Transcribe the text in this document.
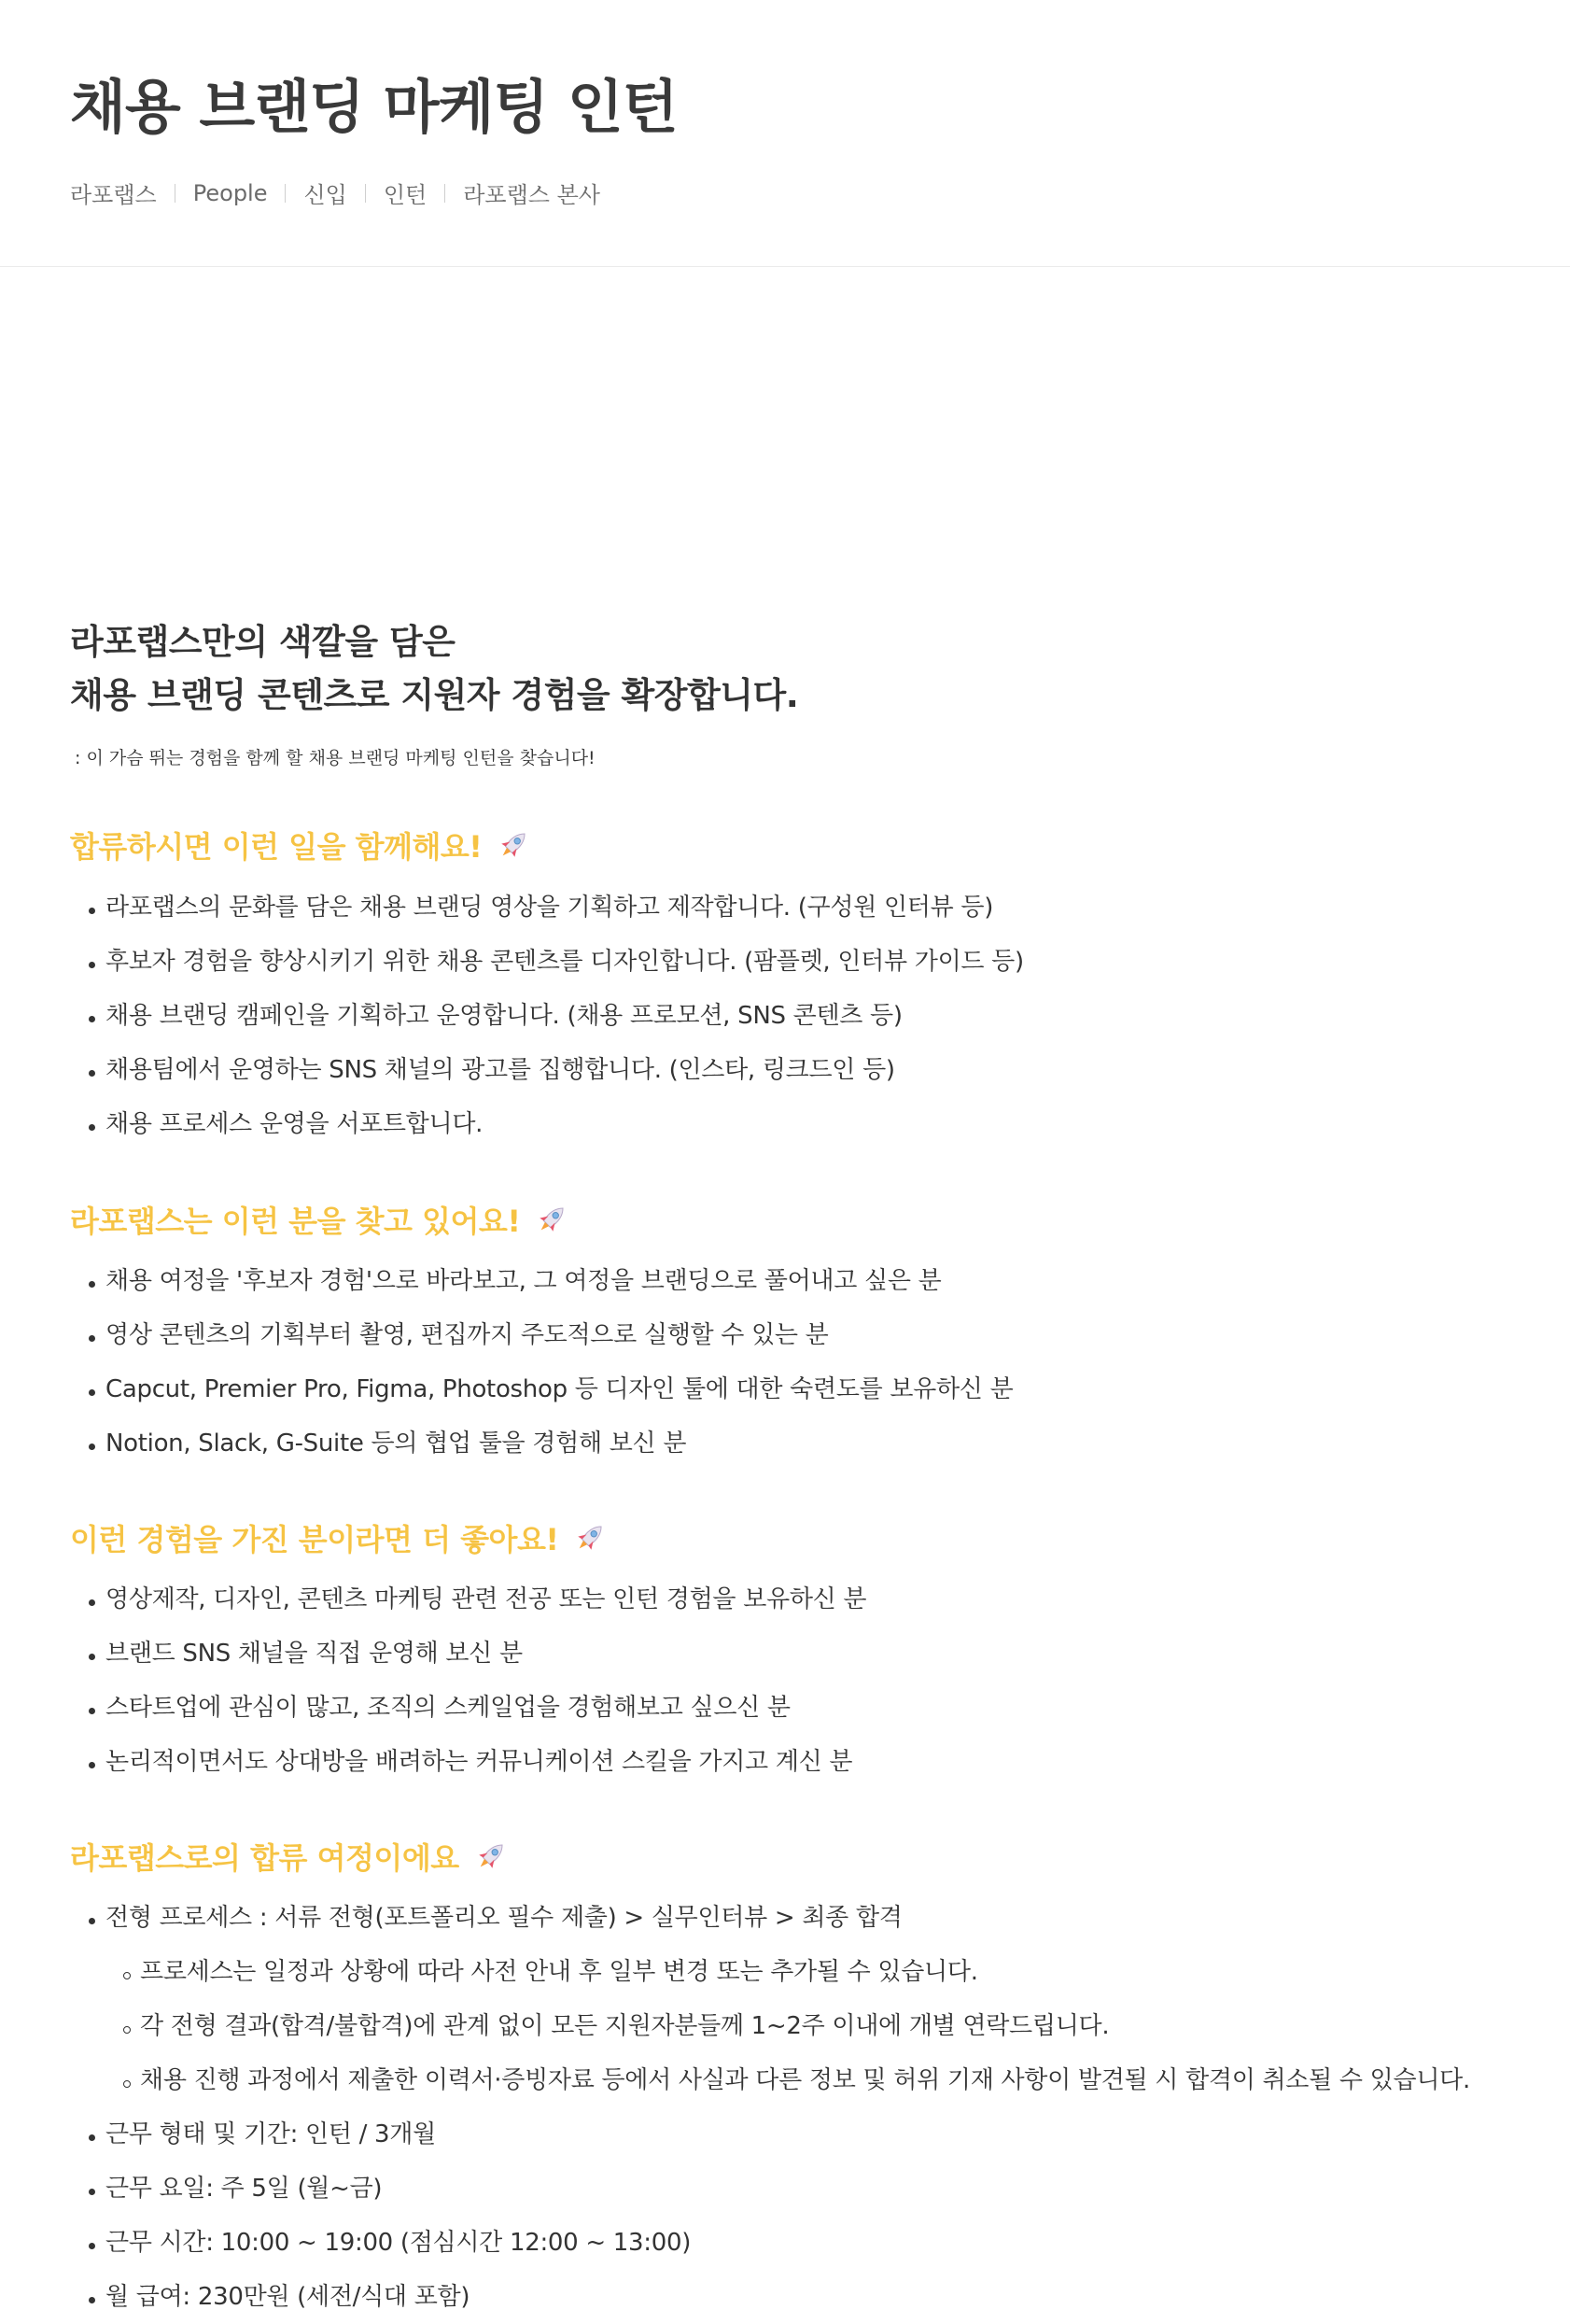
채용 브랜딩 마케팅 인턴
라포랩스 People 신입 인턴 라포랩스 본사
라포랩스만의 색깔을 담은
채용 브랜딩 콘텐츠로 지원자 경험을 확장합니다.

: 이 가슴 뛰는 경험을 함께 할 채용 브랜딩 마케팅 인턴을 찾습니다!

합류하시면 이런 일을 함께해요!
라포랩스의 문화를 담은 채용 브랜딩 영상을 기획하고 제작합니다. (구성원 인터뷰 등)
후보자 경험을 향상시키기 위한 채용 콘텐츠를 디자인합니다. (팜플렛, 인터뷰 가이드 등)
채용 브랜딩 캠페인을 기획하고 운영합니다. (채용 프로모션, SNS 콘텐츠 등)
채용팀에서 운영하는 SNS 채널의 광고를 집행합니다. (인스타, 링크드인 등)
채용 프로세스 운영을 서포트합니다.
라포랩스는 이런 분을 찾고 있어요!
채용 여정을 '후보자 경험'으로 바라보고, 그 여정을 브랜딩으로 풀어내고 싶은 분
영상 콘텐츠의 기획부터 촬영, 편집까지 주도적으로 실행할 수 있는 분
Capcut, Premier Pro, Figma, Photoshop 등 디자인 툴에 대한 숙련도를 보유하신 분
Notion, Slack, G-Suite 등의 협업 툴을 경험해 보신 분
이런 경험을 가진 분이라면 더 좋아요!
영상제작, 디자인, 콘텐츠 마케팅 관련 전공 또는 인턴 경험을 보유하신 분
브랜드 SNS 채널을 직접 운영해 보신 분
스타트업에 관심이 많고, 조직의 스케일업을 경험해보고 싶으신 분
논리적이면서도 상대방을 배려하는 커뮤니케이션 스킬을 가지고 계신 분
라포랩스로의 합류 여정이에요
전형 프로세스 : 서류 전형(포트폴리오 필수 제출) > 실무인터뷰 > 최종 합격
프로세스는 일정과 상황에 따라 사전 안내 후 일부 변경 또는 추가될 수 있습니다.
각 전형 결과(합격/불합격)에 관계 없이 모든 지원자분들께 1~2주 이내에 개별 연락드립니다.
채용 진행 과정에서 제출한 이력서·증빙자료 등에서 사실과 다른 정보 및 허위 기재 사항이 발견될 시 합격이 취소될 수 있습니다.
근무 형태 및 기간: 인턴 / 3개월
근무 요일: 주 5일 (월~금)
근무 시간: 10:00 ~ 19:00 (점심시간 12:00 ~ 13:00)
월 급여: 230만원 (세전/식대 포함)
